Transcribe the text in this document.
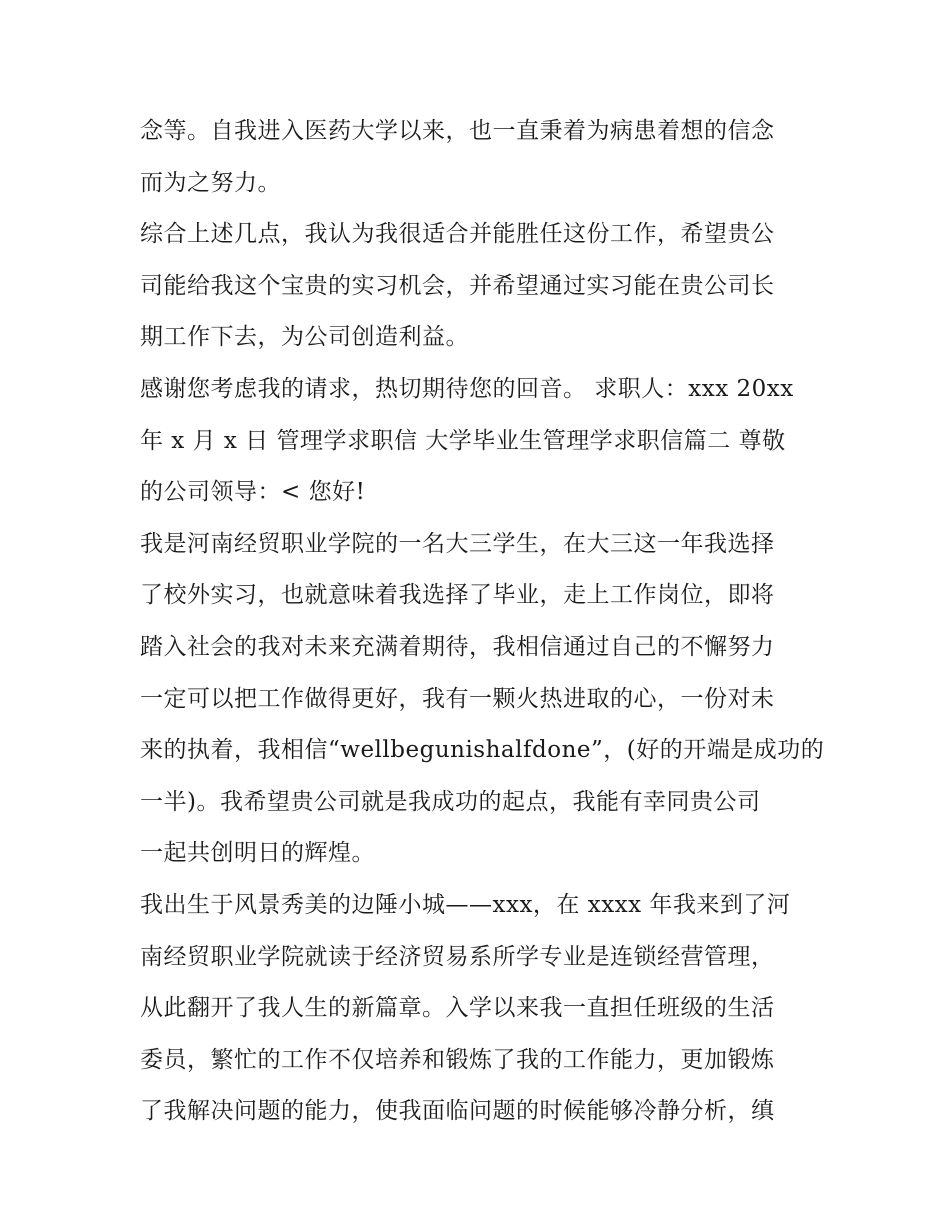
念等。自我进入医药大学以来，也一直秉着为病患着想的信念
而为之努力。
综合上述几点，我认为我很适合并能胜任这份工作，希望贵公
司能给我这个宝贵的实习机会，并希望通过实习能在贵公司长
期工作下去，为公司创造利益。
感谢您考虑我的请求，热切期待您的回音。 求职人：xxx 20xx
年 x 月 x 日 管理学求职信 大学毕业生管理学求职信篇二 尊敬
的公司领导：< 您好!
我是河南经贸职业学院的一名大三学生，在大三这一年我选择
了校外实习，也就意味着我选择了毕业，走上工作岗位，即将
踏入社会的我对未来充满着期待，我相信通过自己的不懈努力
一定可以把工作做得更好，我有一颗火热进取的心，一份对未
来的执着，我相信“wellbegunishalfdone”，(好的开端是成功的
一半)。我希望贵公司就是我成功的起点，我能有幸同贵公司
一起共创明日的辉煌。
我出生于风景秀美的边陲小城——xxx，在 xxxx 年我来到了河
南经贸职业学院就读于经济贸易系所学专业是连锁经营管理，
从此翻开了我人生的新篇章。入学以来我一直担任班级的生活
委员，繁忙的工作不仅培养和锻炼了我的工作能力，更加锻炼
了我解决问题的能力，使我面临问题的时候能够冷静分析，缜
